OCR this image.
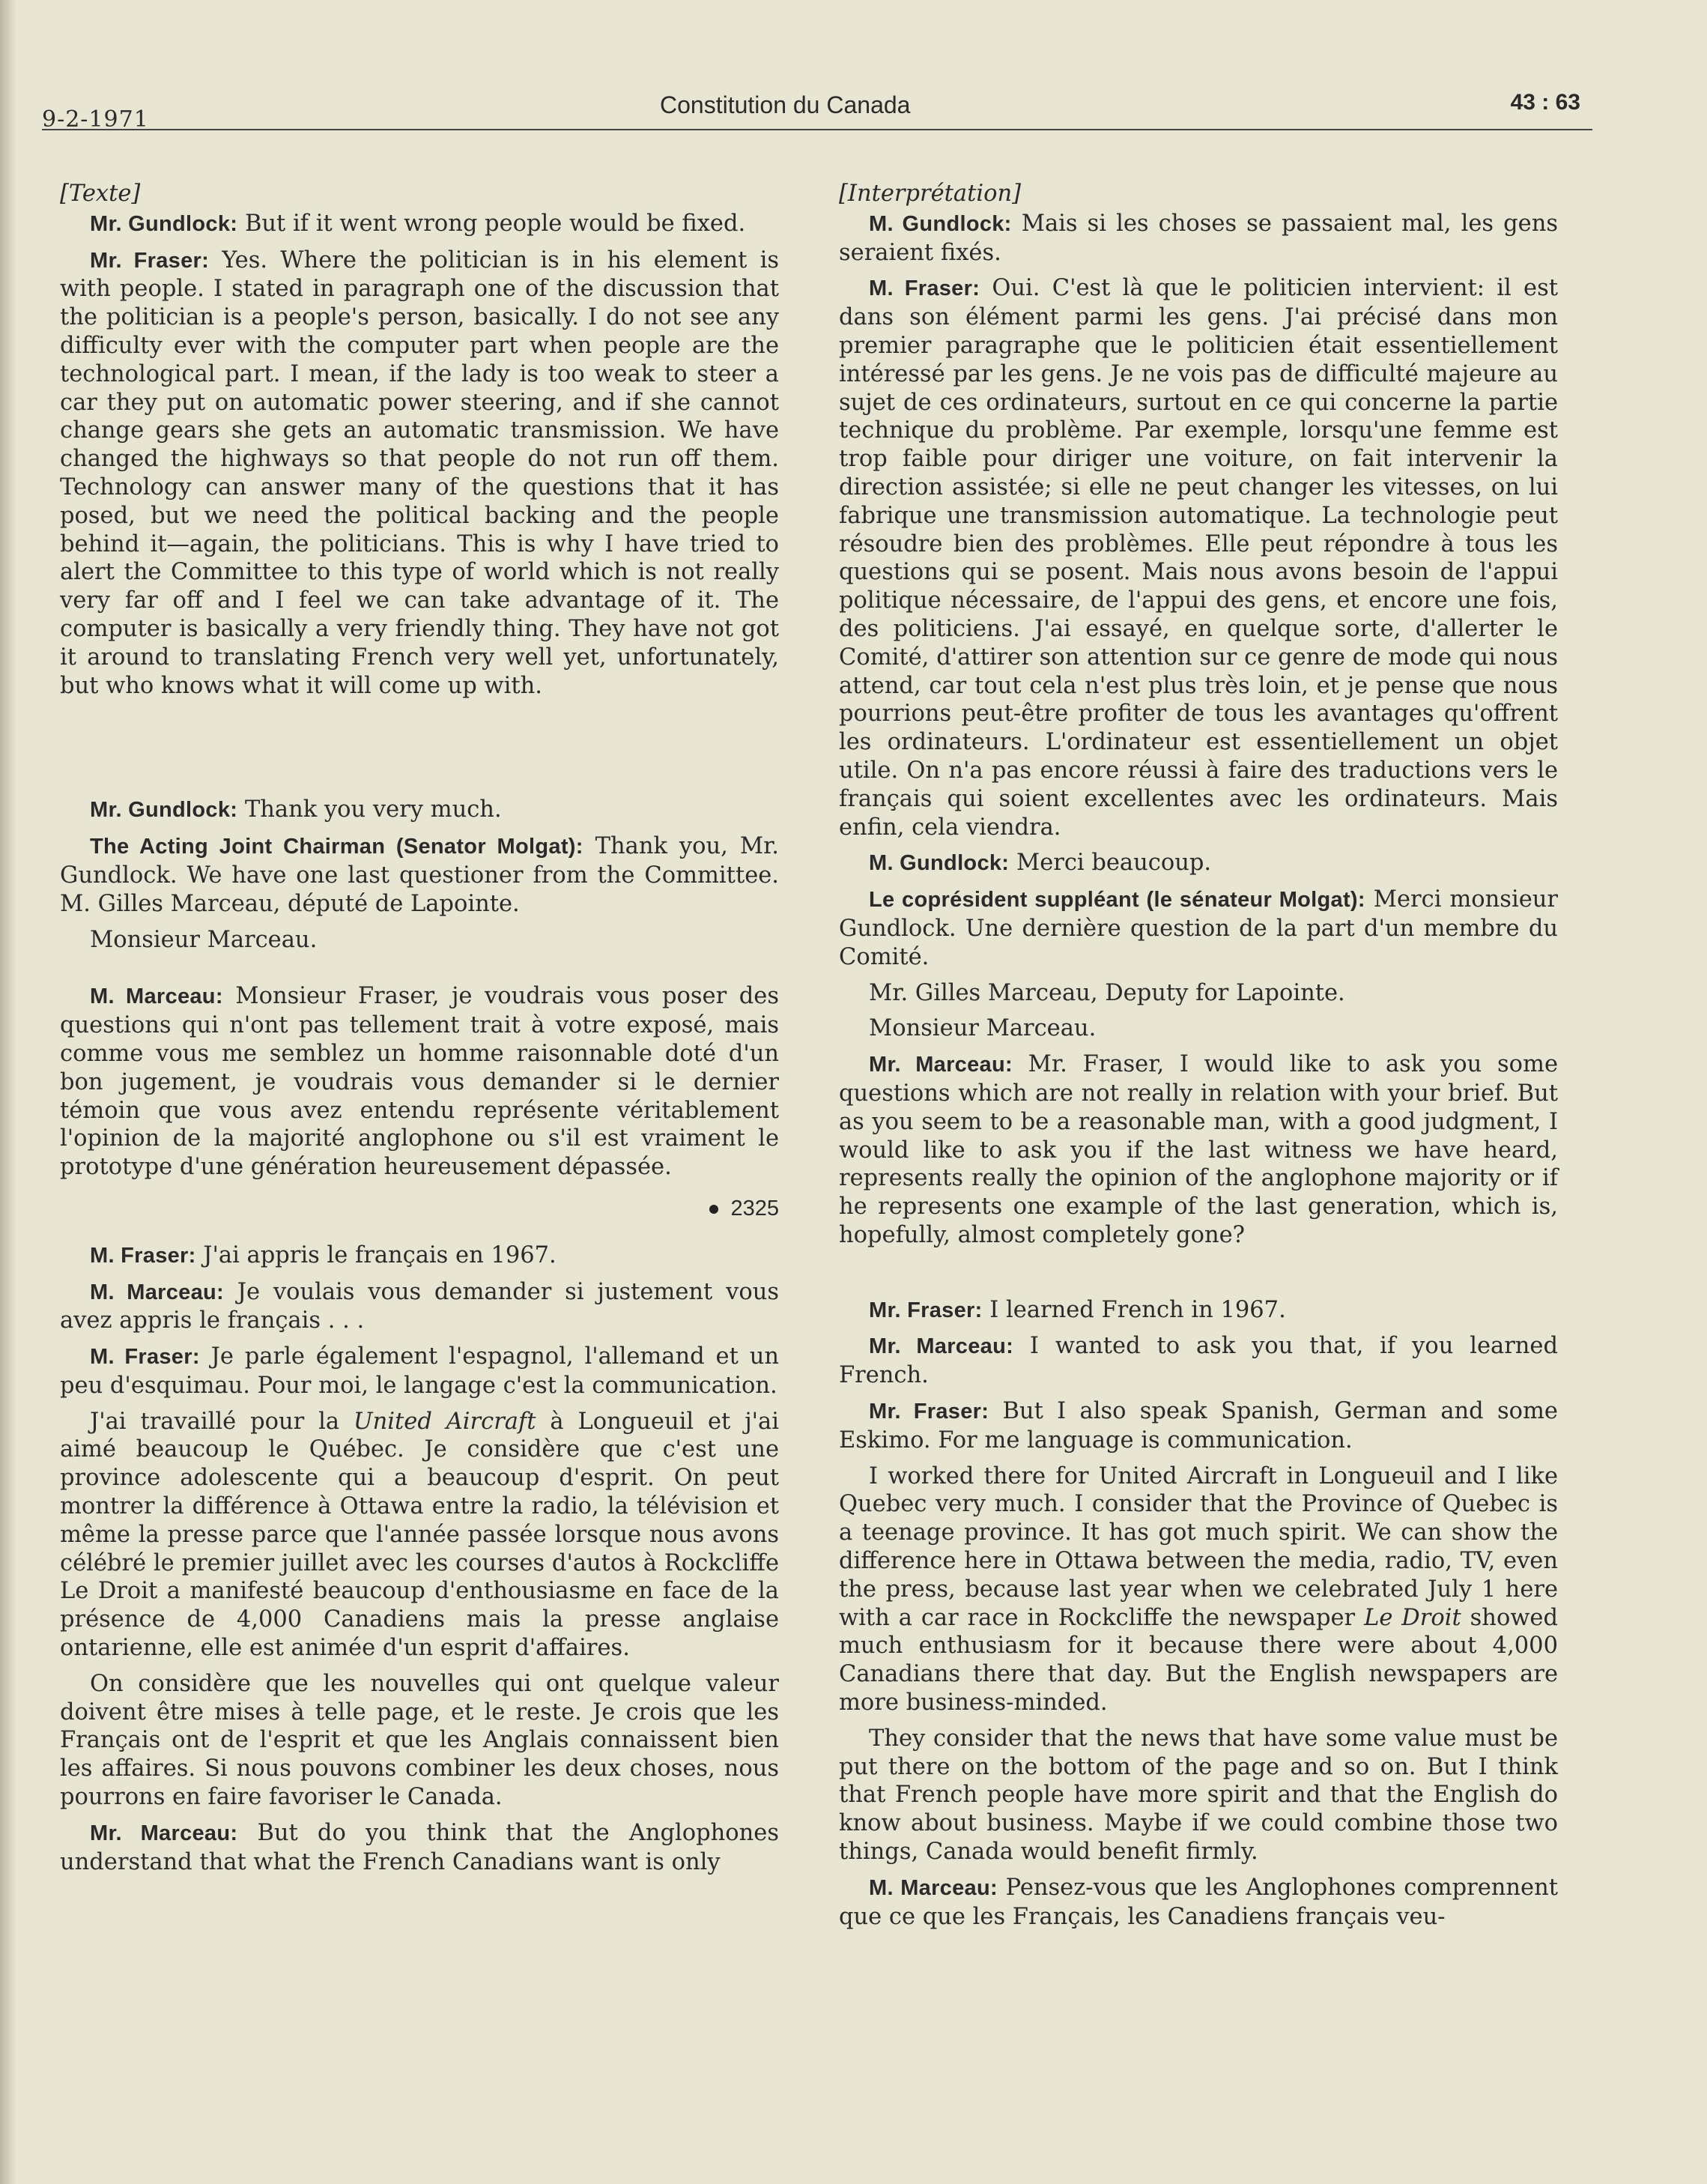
9-2-1971
Constitution du Canada	43 : 63
[Texte]

Mr. Gundlock: But if it went wrong people would be fixed.

Mr. Fraser: Yes. Where the politician is in his element is with people. I stated in paragraph one of the discussion that the politician is a people's person, basically. I do not see any difficulty ever with the computer part when people are the technological part. I mean, if the lady is too weak to steer a car they put on automatic power steering, and if she cannot change gears she gets an automatic transmission. We have changed the highways so that people do not run off them. Technology can answer many of the questions that it has posed, but we need the political backing and the people behind it—again, the politicians. This is why I have tried to alert the Committee to this type of world which is not really very far off and I feel we can take advantage of it. The computer is basically a very friendly thing. They have not got it around to translating French very well yet, unfortunately, but who knows what it will come up with.

Mr. Gundlock: Thank you very much.

The Acting Joint Chairman (Senator Molgat): Thank you, Mr. Gundlock. We have one last questioner from the Committee. M. Gilles Marceau, député de Lapointe.

Monsieur Marceau.

M. Marceau: Monsieur Fraser, je voudrais vous poser des questions qui n'ont pas tellement trait à votre exposé, mais comme vous me semblez un homme raisonnable doté d'un bon jugement, je voudrais vous demander si le dernier témoin que vous avez entendu représente véritablement l'opinion de la majorité anglophone ou s'il est vraiment le prototype d'une génération heureusement dépassée.

2325

M. Fraser: J'ai appris le français en 1967.

M. Marceau: Je voulais vous demander si justement vous avez appris le français . . .

M. Fraser: Je parle également l'espagnol, l'allemand et un peu d'esquimau. Pour moi, le langage c'est la communication.

J'ai travaillé pour la United Aircraft à Longueuil et j'ai aimé beaucoup le Québec. Je considère que c'est une province adolescente qui a beaucoup d'esprit. On peut montrer la différence à Ottawa entre la radio, la télévision et même la presse parce que l'année passée lorsque nous avons célébré le premier juillet avec les courses d'autos à Rockcliffe Le Droit a manifesté beaucoup d'enthousiasme en face de la présence de 4,000 Canadiens mais la presse anglaise ontarienne, elle est animée d'un esprit d'affaires.

On considère que les nouvelles qui ont quelque valeur doivent être mises à telle page, et le reste. Je crois que les Français ont de l'esprit et que les Anglais connaissent bien les affaires. Si nous pouvons combiner les deux choses, nous pourrons en faire favoriser le Canada.

Mr. Marceau: But do you think that the Anglophones understand that what the French Canadians want is only

[Interprétation]

M. Gundlock: Mais si les choses se passaient mal, les gens seraient fixés.

M. Fraser: Oui. C'est là que le politicien intervient: il est dans son élément parmi les gens. J'ai précisé dans mon premier paragraphe que le politicien était essentiellement intéressé par les gens. Je ne vois pas de difficulté majeure au sujet de ces ordinateurs, surtout en ce qui concerne la partie technique du problème. Par exemple, lorsqu'une femme est trop faible pour diriger une voiture, on fait intervenir la direction assistée; si elle ne peut changer les vitesses, on lui fabrique une transmission automatique. La technologie peut résoudre bien des problèmes. Elle peut répondre à tous les questions qui se posent. Mais nous avons besoin de l'appui politique nécessaire, de l'appui des gens, et encore une fois, des politiciens. J'ai essayé, en quelque sorte, d'allerter le Comité, d'attirer son attention sur ce genre de mode qui nous attend, car tout cela n'est plus très loin, et je pense que nous pourrions peut-être profiter de tous les avantages qu'offrent les ordinateurs. L'ordinateur est essentiellement un objet utile. On n'a pas encore réussi à faire des traductions vers le français qui soient excellentes avec les ordinateurs. Mais enfin, cela viendra.

M. Gundlock: Merci beaucoup.

Le coprésident suppléant (le sénateur Molgat): Merci monsieur Gundlock. Une dernière question de la part d'un membre du Comité.

Mr. Gilles Marceau, Deputy for Lapointe.

Monsieur Marceau.

Mr. Marceau: Mr. Fraser, I would like to ask you some questions which are not really in relation with your brief. But as you seem to be a reasonable man, with a good judgment, I would like to ask you if the last witness we have heard, represents really the opinion of the anglophone majority or if he represents one example of the last generation, which is, hopefully, almost completely gone?

Mr. Fraser: I learned French in 1967.

Mr. Marceau: I wanted to ask you that, if you learned French.

Mr. Fraser: But I also speak Spanish, German and some Eskimo. For me language is communication.

I worked there for United Aircraft in Longueuil and I like Quebec very much. I consider that the Province of Quebec is a teenage province. It has got much spirit. We can show the difference here in Ottawa between the media, radio, TV, even the press, because last year when we celebrated July 1 here with a car race in Rockcliffe the newspaper Le Droit showed much enthusiasm for it because there were about 4,000 Canadians there that day. But the English newspapers are more business-minded.

They consider that the news that have some value must be put there on the bottom of the page and so on. But I think that French people have more spirit and that the English do know about business. Maybe if we could combine those two things, Canada would benefit firmly.

M. Marceau: Pensez-vous que les Anglophones comprennent que ce que les Français, les Canadiens français veu-
